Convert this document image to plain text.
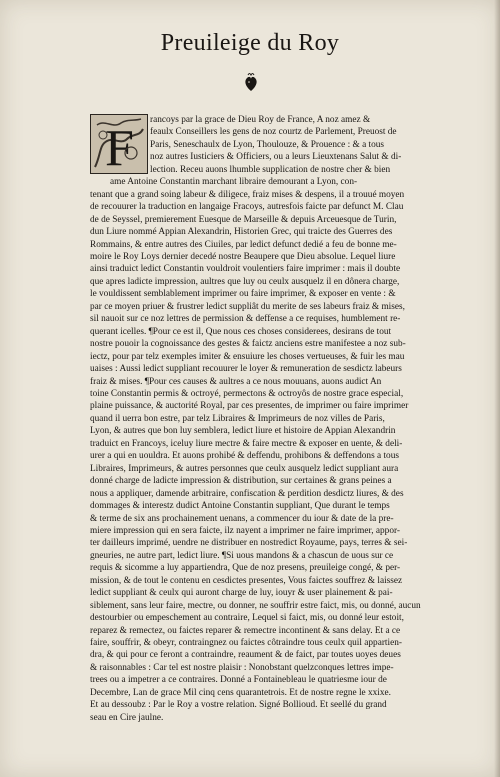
Preuileige du Roy
F	rancoys par la grace de Dieu Roy de France, A noz amez &
feaulx Conseillers les gens de noz courtz de Parlement, Preuost de
Paris, Seneschaulx de Lyon, Thoulouze, & Prouence : & a tous
noz autres Iusticiers & Officiers, ou a leurs Lieuxtenans Salut & di-
lection. Receu auons lhumble supplication de nostre cher & bien
ame Antoine Constantin marchant libraire demourant a Lyon, con-
tenant que a grand soing labeur & diligece, fraiz mises & despens, il a trouué moyen
de recouurer la traduction en langaige Fracoys, autresfois faicte par defunct M. Clau
de de Seyssel, premierement Euesque de Marseille & depuis Arceuesque de Turin,
dun Liure nommé Appian Alexandrin, Historien Grec, qui traicte des Guerres des
Rommains, & entre autres des Ciuiles, par ledict defunct dedié a feu de bonne me-
moire le Roy Loys dernier decedé nostre Beaupere que Dieu absolue. Lequel liure
ainsi traduict ledict Constantin vouldroit voulentiers faire imprimer : mais il doubte
que apres ladicte impression, aultres que luy ou ceulx ausquelz il en dônera charge,
le vouldissent semblablement imprimer ou faire imprimer, & exposer en vente : &
par ce moyen priuer & frustrer ledict suppliât du merite de ses labeurs fraiz & mises,
sil nauoit sur ce noz lettres de permission & deffense a ce requises, humblement re-
querant icelles. ¶Pour ce est il, Que nous ces choses considerees, desirans de tout
nostre pouoir la cognoissance des gestes & faictz anciens estre manifestee a noz sub-
iectz, pour par telz exemples imiter & ensuiure les choses vertueuses, & fuir les mau
uaises : Aussi ledict suppliant recouurer le loyer & remuneration de sesdictz labeurs
fraiz & mises. ¶Pour ces causes & aultres a ce nous mouuans, auons audict An
toine Constantin permis & octroyé, permectons & octroyôs de nostre grace especial,
plaine puissance, & auctorité Royal, par ces presentes, de imprimer ou faire imprimer
quand il uerra bon estre, par telz Libraires & Imprimeurs de noz villes de Paris,
Lyon, & autres que bon luy semblera, ledict liure et histoire de Appian Alexandrin
traduict en Francoys, iceluy liure mectre & faire mectre & exposer en uente, & deli-
urer a qui en uouldra. Et auons prohibé & deffendu, prohibons & deffendons a tous
Libraires, Imprimeurs, & autres personnes que ceulx ausquelz ledict suppliant aura
donné charge de ladicte impression & distribution, sur certaines & grans peines a
nous a appliquer, damende arbitraire, confiscation & perdition desdictz liures, & des
dommages & interestz dudict Antoine Constantin suppliant, Que durant le temps
& terme de six ans prochainement uenans, a commencer du iour & date de la pre-
miere impression qui en sera faicte, ilz nayent a imprimer ne faire imprimer, appor-
ter dailleurs imprimé, uendre ne distribuer en nostredict Royaume, pays, terres & sei-
gneuries, ne autre part, ledict liure. ¶Si uous mandons & a chascun de uous sur ce
requis & sicomme a luy appartiendra, Que de noz presens, preuileige congé, & per-
mission, & de tout le contenu en cesdictes presentes, Vous faictes souffrez & laissez
ledict suppliant & ceulx qui auront charge de luy, iouyr & user plainement & pai-
siblement, sans leur faire, mectre, ou donner, ne souffrir estre faict, mis, ou donné, aucun
destourbier ou empeschement au contraire, Lequel si faict, mis, ou donné leur estoit,
reparez & remectez, ou faictes reparer & remectre incontinent & sans delay. Et a ce
faire, souffrir, & obeyr, contraingnez ou faictes côtraindre tous ceulx quil appartien-
dra, & qui pour ce feront a contraindre, reaument & de faict, par toutes uoyes deues
& raisonnables : Car tel est nostre plaisir : Nonobstant quelzconques lettres impe-
trees ou a impetrer a ce contraires. Donné a Fontainebleau le quatriesme iour de
Decembre, Lan de grace Mil cinq cens quarantetrois. Et de nostre regne le xxixe.
Et au dessoubz : Par le Roy a vostre relation. Signé Bollioud. Et seellé du grand
seau en Cire jaulne.
